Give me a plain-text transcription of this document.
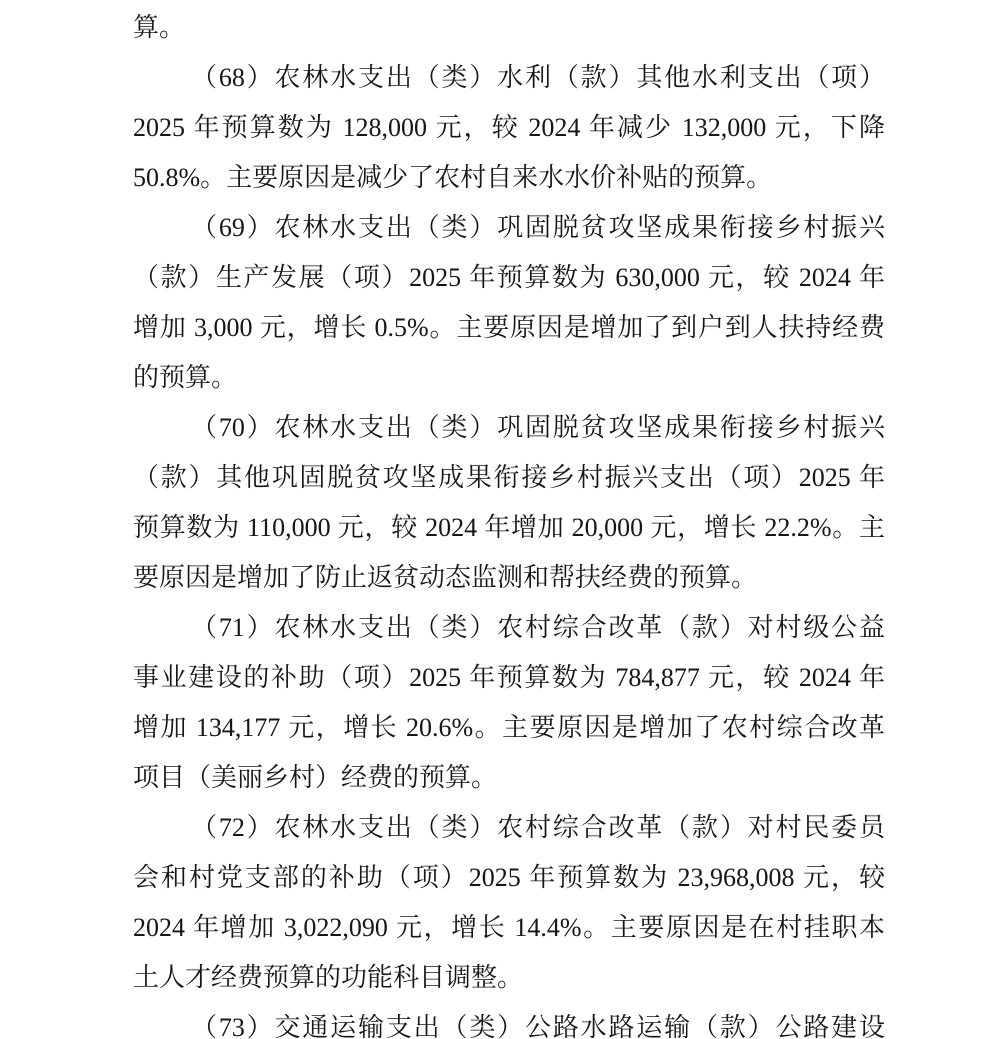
算。
（68）农林水支出（类）水利（款）其他水利支出（项）
2025 年预算数为 128,000 元，较 2024 年减少 132,000 元，下降
50.8%。主要原因是减少了农村自来水水价补贴的预算。
（69）农林水支出（类）巩固脱贫攻坚成果衔接乡村振兴
（款）生产发展（项）2025 年预算数为 630,000 元，较 2024 年
增加 3,000 元，增长 0.5%。主要原因是增加了到户到人扶持经费
的预算。
（70）农林水支出（类）巩固脱贫攻坚成果衔接乡村振兴
（款）其他巩固脱贫攻坚成果衔接乡村振兴支出（项）2025 年
预算数为 110,000 元，较 2024 年增加 20,000 元，增长 22.2%。主
要原因是增加了防止返贫动态监测和帮扶经费的预算。
（71）农林水支出（类）农村综合改革（款）对村级公益
事业建设的补助（项）2025 年预算数为 784,877 元，较 2024 年
增加 134,177 元，增长 20.6%。主要原因是增加了农村综合改革
项目（美丽乡村）经费的预算。
（72）农林水支出（类）农村综合改革（款）对村民委员
会和村党支部的补助（项）2025 年预算数为 23,968,008 元，较
2024 年增加 3,022,090 元，增长 14.4%。主要原因是在村挂职本
土人才经费预算的功能科目调整。
（73）交通运输支出（类）公路水路运输（款）公路建设
